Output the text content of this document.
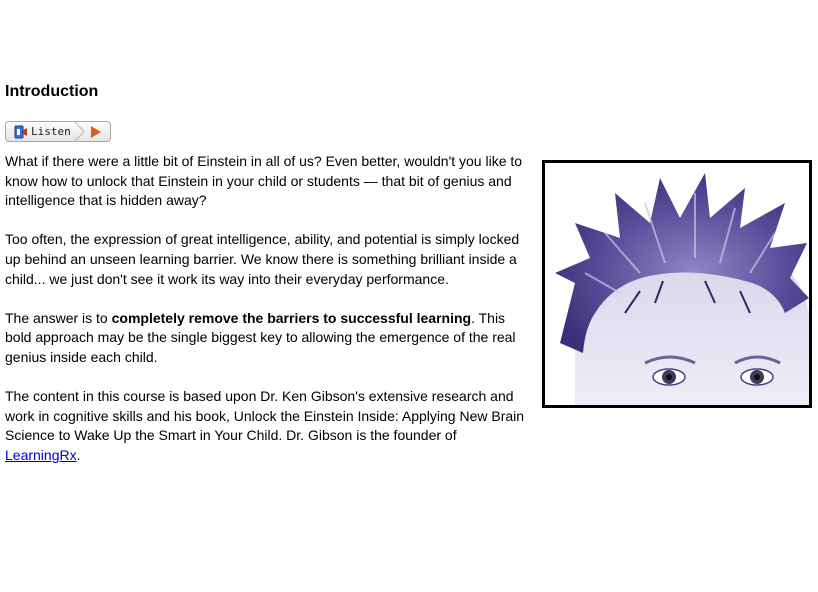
Introduction
Listen

What if there were a little bit of Einstein in all of us? Even better, wouldn't you like to know how to unlock that Einstein in your child or students — that bit of genius and intelligence that is hidden away?

Too often, the expression of great intelligence, ability, and potential is simply locked up behind an unseen learning barrier. We know there is something brilliant inside a child... we just don't see it work its way into their everyday performance.

The answer is to completely remove the barriers to successful learning. This bold approach may be the single biggest key to allowing the emergence of the real genius inside each child.

The content in this course is based upon Dr. Ken Gibson's extensive research and work in cognitive skills and his book, Unlock the Einstein Inside: Applying New Brain Science to Wake Up the Smart in Your Child. Dr. Gibson is the founder of LearningRx.
